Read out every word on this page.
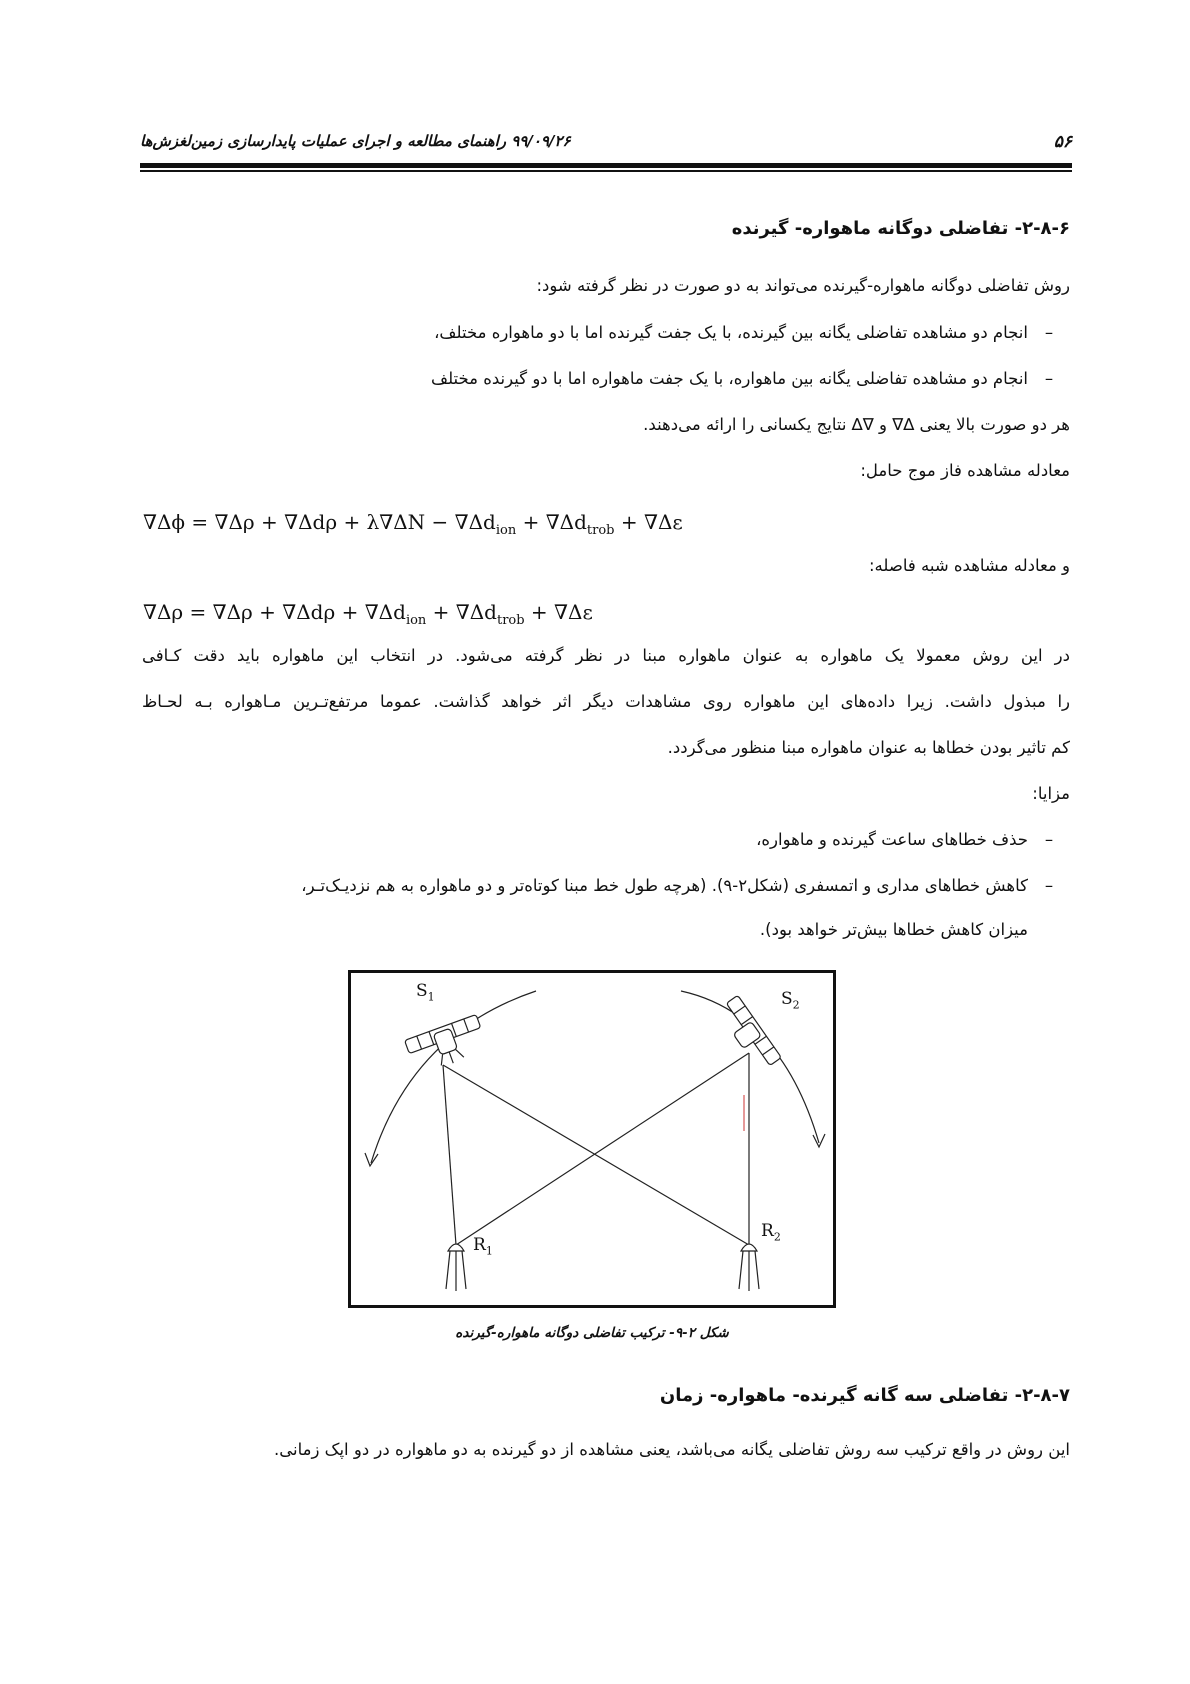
۵۶
۹۹/۰۹/۲۶ راهنمای مطالعه و اجرای عملیات پایدارسازی زمین‌لغزش‌ها
۲-۸-۶- تفاضلی دوگانه ماهواره- گیرنده
روش تفاضلی دوگانه ماهواره-گیرنده می‌تواند به دو صورت در نظر گرفته شود:
–انجام دو مشاهده تفاضلی یگانه بین گیرنده، با یک جفت گیرنده اما با دو ماهواره مختلف،
–انجام دو مشاهده تفاضلی یگانه بین ماهواره، با یک جفت ماهواره اما با دو گیرنده مختلف
هر دو صورت بالا یعنی ∆∇ و ∇∆ نتایج یکسانی را ارائه می‌دهند.
معادله مشاهده فاز موج حامل:
$\nabla\Delta\phi = \nabla\Delta\rho + \nabla\Delta d\rho + \lambda\nabla\Delta N - \nabla\Delta d_{ion} + \nabla\Delta d_{trob} + \nabla\Delta\varepsilon$
و معادله مشاهده شبه فاصله:
$\nabla\Delta\rho = \nabla\Delta\rho + \nabla\Delta d\rho + \nabla\Delta d_{ion} + \nabla\Delta d_{trob} + \nabla\Delta\varepsilon$
در این روش معمولا یک ماهواره به عنوان ماهواره مبنا در نظر گرفته می‌شود. در انتخاب این ماهواره باید دقت کـافی
را مبذول داشت. زیرا داده‌های این ماهواره روی مشاهدات دیگر اثر خواهد گذاشت. عموما مرتفع‌تـرین مـاهواره بـه لحـاظ
کم تاثیر بودن خطاها به عنوان ماهواره مبنا منظور می‌گردد.
مزایا:
–حذف خطاهای ساعت گیرنده و ماهواره،
–کاهش خطاهای مداری و اتمسفری (شکل۲-۹). (هرچه طول خط مبنا کوتاه‌تر و دو ماهواره به هم نزدیـک‌تـر،
میزان کاهش خطاها بیش‌تر خواهد بود).
$S_1$	$S_2$
$R_1$
$R_2$
شکل ۲-۹- ترکیب تفاضلی دوگانه ماهواره-گیرنده
۲-۸-۷- تفاضلی سه گانه گیرنده- ماهواره- زمان
این روش در واقع ترکیب سه روش تفاضلی یگانه می‌باشد، یعنی مشاهده از دو گیرنده به دو ماهواره در دو اپک زمانی.
